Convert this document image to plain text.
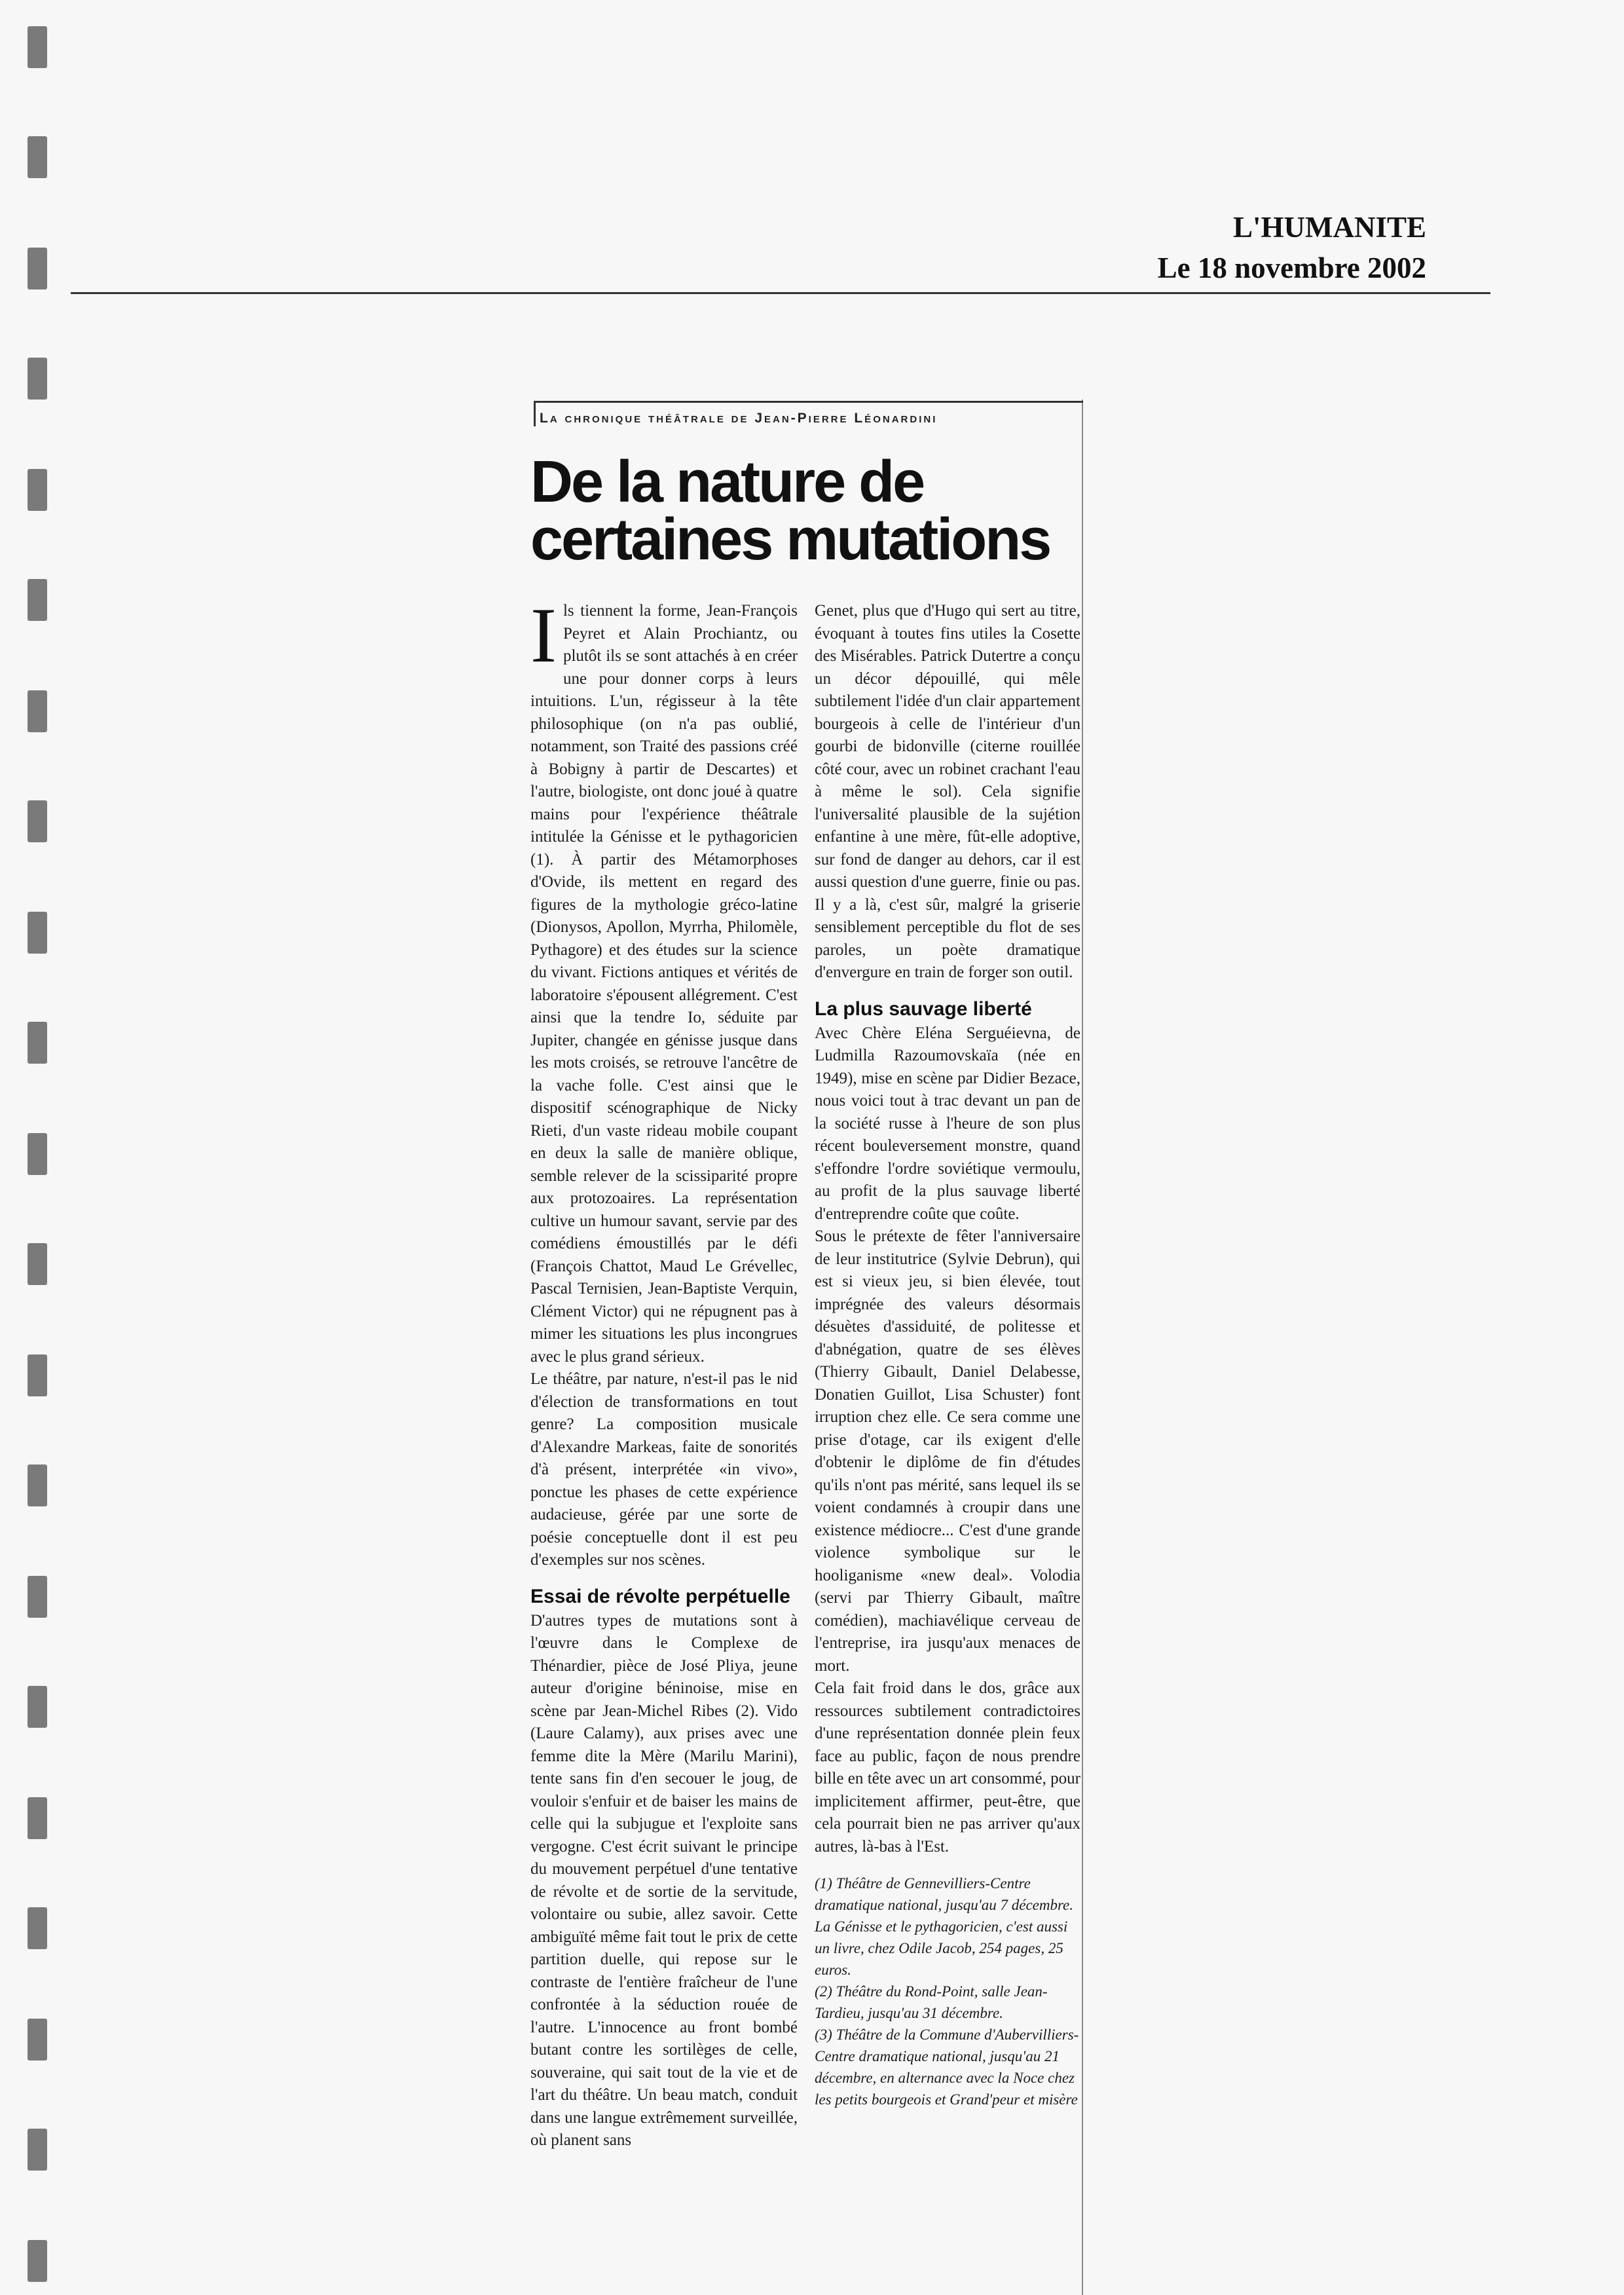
L'HUMANITE
Le 18 novembre 2002
La chronique théâtrale de Jean-Pierre Léonardini
De la nature de
certaines mutations

Ils tiennent la forme, Jean-François Peyret et Alain Prochiantz, ou plutôt ils se sont attachés à en créer une pour donner corps à leurs intuitions. L'un, régisseur à la tête philosophique (on n'a pas oublié, notamment, son Traité des passions créé à Bobigny à partir de Descartes) et l'autre, biologiste, ont donc joué à quatre mains pour l'expérience théâtrale intitulée la Génisse et le pythagoricien (1). À partir des Métamorphoses d'Ovide, ils mettent en regard des figures de la mythologie gréco-latine (Dionysos, Apollon, Myrrha, Philomèle, Pythagore) et des études sur la science du vivant. Fictions antiques et vérités de laboratoire s'épousent allégrement. C'est ainsi que la tendre Io, séduite par Jupiter, changée en génisse jusque dans les mots croisés, se retrouve l'ancêtre de la vache folle. C'est ainsi que le dispositif scénographique de Nicky Rieti, d'un vaste rideau mobile coupant en deux la salle de manière oblique, semble relever de la scissiparité propre aux protozoaires. La représentation cultive un humour savant, servie par des comédiens émoustillés par le défi (François Chattot, Maud Le Grévellec, Pascal Ternisien, Jean-Baptiste Verquin, Clément Victor) qui ne répugnent pas à mimer les situations les plus incongrues avec le plus grand sérieux.

Le théâtre, par nature, n'est-il pas le nid d'élection de transformations en tout genre? La composition musicale d'Alexandre Markeas, faite de sonorités d'à présent, interprétée «in vivo», ponctue les phases de cette expérience audacieuse, gérée par une sorte de poésie conceptuelle dont il est peu d'exemples sur nos scènes.

Essai de révolte perpétuelle

D'autres types de mutations sont à l'œuvre dans le Complexe de Thénardier, pièce de José Pliya, jeune auteur d'origine béninoise, mise en scène par Jean-Michel Ribes (2). Vido (Laure Calamy), aux prises avec une femme dite la Mère (Marilu Marini), tente sans fin d'en secouer le joug, de vouloir s'enfuir et de baiser les mains de celle qui la subjugue et l'exploite sans vergogne. C'est écrit suivant le principe du mouvement perpétuel d'une tentative de révolte et de sortie de la servitude, volontaire ou subie, allez savoir. Cette ambiguïté même fait tout le prix de cette partition duelle, qui repose sur le contraste de l'entière fraîcheur de l'une confrontée à la séduction rouée de l'autre. L'innocence au front bombé butant contre les sortilèges de celle, souveraine, qui sait tout de la vie et de l'art du théâtre. Un beau match, conduit dans une langue extrêmement surveillée, où planent sans

Genet, plus que d'Hugo qui sert au titre, évoquant à toutes fins utiles la Cosette des Misérables. Patrick Dutertre a conçu un décor dépouillé, qui mêle subtilement l'idée d'un clair appartement bourgeois à celle de l'intérieur d'un gourbi de bidonville (citerne rouillée côté cour, avec un robinet crachant l'eau à même le sol). Cela signifie l'universalité plausible de la sujétion enfantine à une mère, fût-elle adoptive, sur fond de danger au dehors, car il est aussi question d'une guerre, finie ou pas. Il y a là, c'est sûr, malgré la griserie sensiblement perceptible du flot de ses paroles, un poète dramatique d'envergure en train de forger son outil.

La plus sauvage liberté

Avec Chère Eléna Serguéievna, de Ludmilla Razoumovskaïa (née en 1949), mise en scène par Didier Bezace, nous voici tout à trac devant un pan de la société russe à l'heure de son plus récent bouleversement monstre, quand s'effondre l'ordre soviétique vermoulu, au profit de la plus sauvage liberté d'entreprendre coûte que coûte.

Sous le prétexte de fêter l'anniversaire de leur institutrice (Sylvie Debrun), qui est si vieux jeu, si bien élevée, tout imprégnée des valeurs désormais désuètes d'assiduité, de politesse et d'abnégation, quatre de ses élèves (Thierry Gibault, Daniel Delabesse, Donatien Guillot, Lisa Schuster) font irruption chez elle. Ce sera comme une prise d'otage, car ils exigent d'elle d'obtenir le diplôme de fin d'études qu'ils n'ont pas mérité, sans lequel ils se voient condamnés à croupir dans une existence médiocre... C'est d'une grande violence symbolique sur le hooliganisme «new deal». Volodia (servi par Thierry Gibault, maître comédien), machiavélique cerveau de l'entreprise, ira jusqu'aux menaces de mort.

Cela fait froid dans le dos, grâce aux ressources subtilement contradictoires d'une représentation donnée plein feux face au public, façon de nous prendre bille en tête avec un art consommé, pour implicitement affirmer, peut-être, que cela pourrait bien ne pas arriver qu'aux autres, là-bas à l'Est.

(1) Théâtre de Gennevilliers-Centre dramatique national, jusqu'au 7 décembre. La Génisse et le pythagoricien, c'est aussi un livre, chez Odile Jacob, 254 pages, 25 euros.

(2) Théâtre du Rond-Point, salle Jean-Tardieu, jusqu'au 31 décembre.

(3) Théâtre de la Commune d'Aubervilliers-Centre dramatique national, jusqu'au 21 décembre, en alternance avec la Noce chez les petits bourgeois et Grand'peur et misère
